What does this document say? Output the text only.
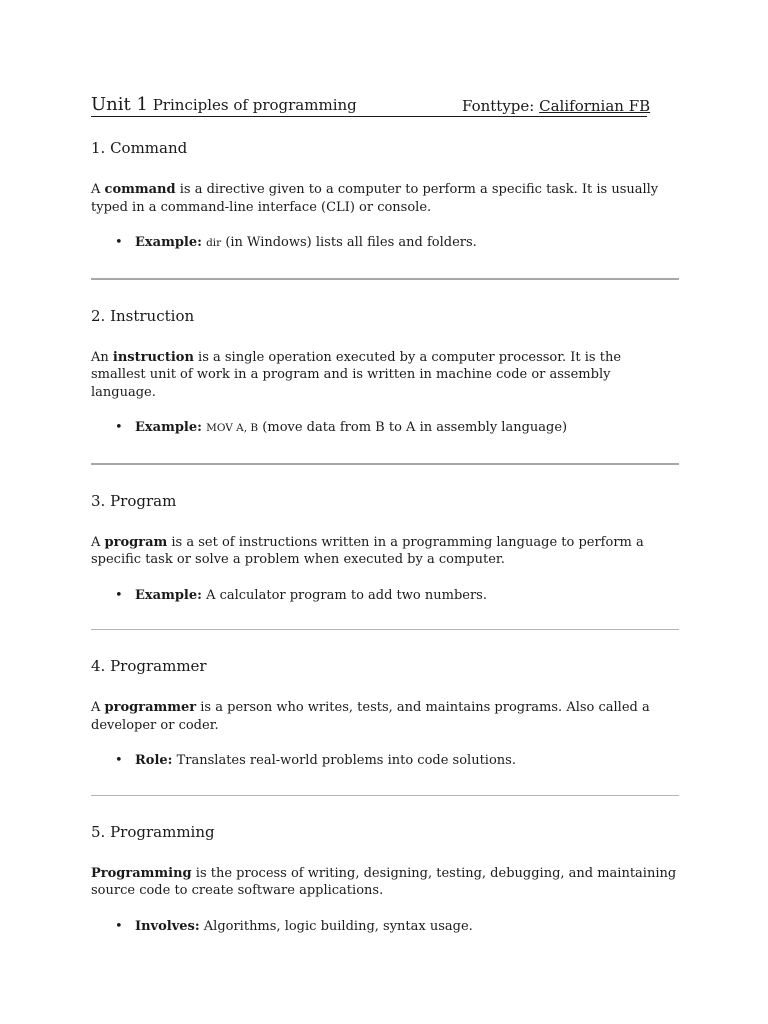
Unit 1 Principles of programming	Fonttype: Californian FB
1. Command

A command is a directive given to a computer to perform a specific task. It is usually typed in a command-line interface (CLI) or console.

• Example: dir (in Windows) lists all files and folders.
2. Instruction

An instruction is a single operation executed by a computer processor. It is the smallest unit of work in a program and is written in machine code or assembly language.

• Example: MOV A, B (move data from B to A in assembly language)
3. Program

A program is a set of instructions written in a programming language to perform a specific task or solve a problem when executed by a computer.

• Example: A calculator program to add two numbers.
4. Programmer

A programmer is a person who writes, tests, and maintains programs. Also called a developer or coder.

• Role: Translates real-world problems into code solutions.
5. Programming

Programming is the process of writing, designing, testing, debugging, and maintaining source code to create software applications.

• Involves: Algorithms, logic building, syntax usage.
